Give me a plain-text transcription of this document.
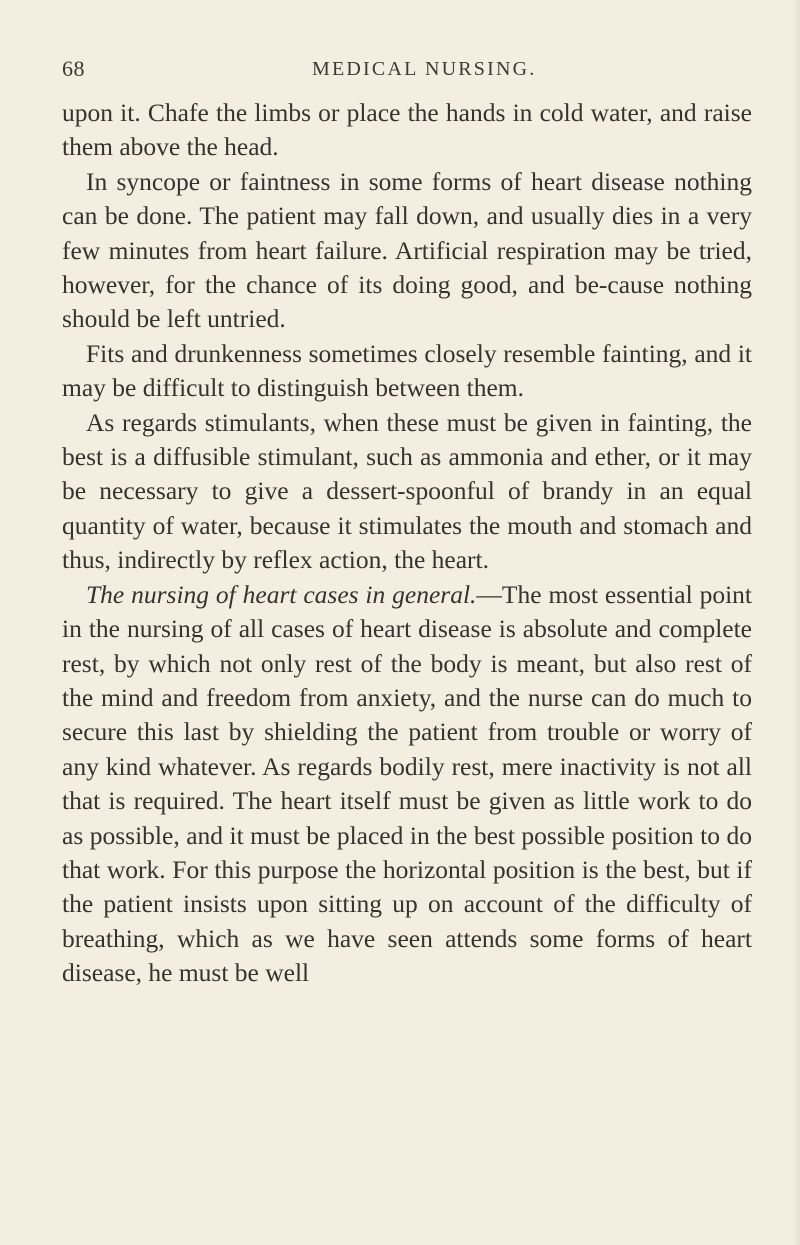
68	MEDICAL NURSING.

upon it. Chafe the limbs or place the hands in cold water, and raise them above the head.

In syncope or faintness in some forms of heart disease nothing can be done. The patient may fall down, and usually dies in a very few minutes from heart failure. Artificial respiration may be tried, however, for the chance of its doing good, and be-cause nothing should be left untried.

Fits and drunkenness sometimes closely resemble fainting, and it may be difficult to distinguish between them.

As regards stimulants, when these must be given in fainting, the best is a diffusible stimulant, such as ammonia and ether, or it may be necessary to give a dessert-spoonful of brandy in an equal quantity of water, because it stimulates the mouth and stomach and thus, indirectly by reflex action, the heart.

The nursing of heart cases in general.—The most essential point in the nursing of all cases of heart disease is absolute and complete rest, by which not only rest of the body is meant, but also rest of the mind and freedom from anxiety, and the nurse can do much to secure this last by shielding the patient from trouble or worry of any kind whatever. As regards bodily rest, mere inactivity is not all that is required. The heart itself must be given as little work to do as possible, and it must be placed in the best possible position to do that work. For this purpose the horizontal position is the best, but if the patient insists upon sitting up on account of the difficulty of breathing, which as we have seen attends some forms of heart disease, he must be well
